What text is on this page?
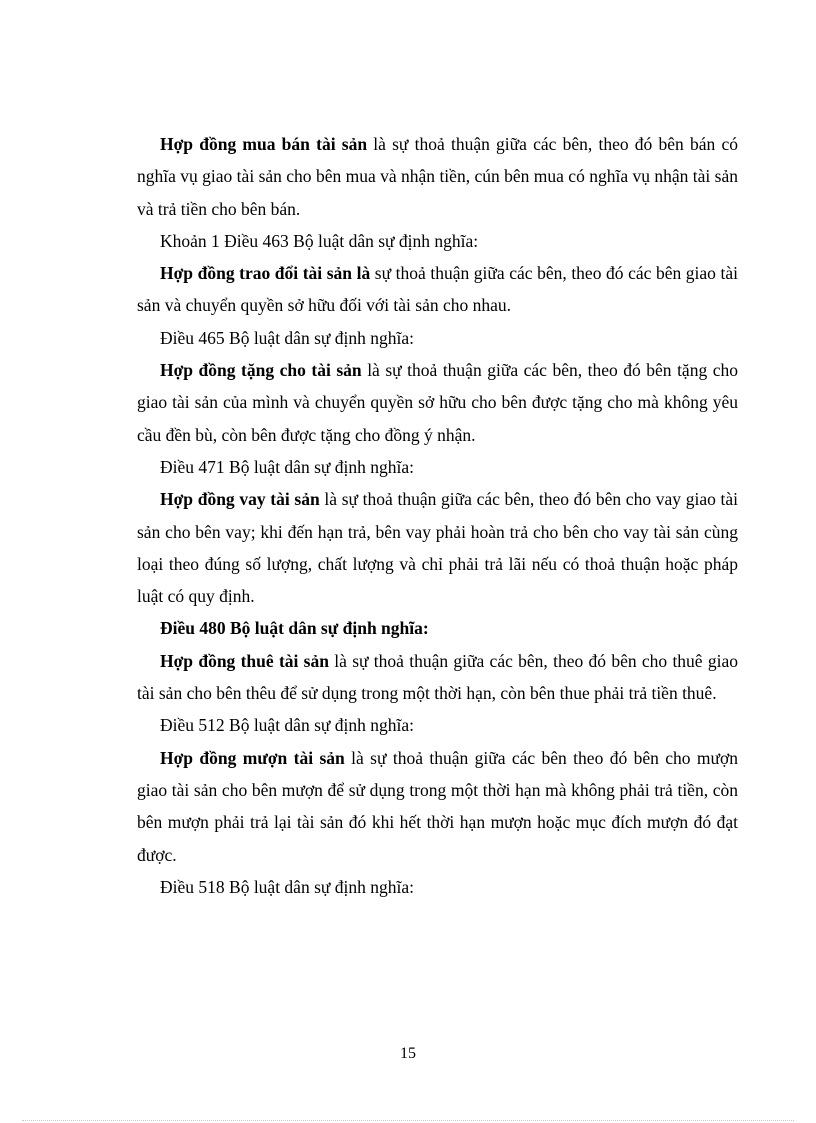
Hợp đồng mua bán tài sản là sự thoả thuận giữa các bên, theo đó bên bán có nghĩa vụ giao tài sản cho bên mua và nhận tiền, cún bên mua có nghĩa vụ nhận tài sản và trả tiền cho bên bán.

Khoản 1 Điều 463 Bộ luật dân sự định nghĩa:

Hợp đồng trao đổi tài sản là sự thoả thuận giữa các bên, theo đó các bên giao tài sản và chuyển quyền sở hữu đối với tài sản cho nhau.

Điều 465 Bộ luật dân sự định nghĩa:

Hợp đồng tặng cho tài sản là sự thoả thuận giữa các bên, theo đó bên tặng cho giao tài sản của mình và chuyển quyền sở hữu cho bên được tặng cho mà không yêu cầu đền bù, còn bên được tặng cho đồng ý nhận.

Điều 471 Bộ luật dân sự định nghĩa:

Hợp đồng vay tài sản là sự thoả thuận giữa các bên, theo đó bên cho vay giao tài sản cho bên vay; khi đến hạn trả, bên vay phải hoàn trả cho bên cho vay tài sản cùng loại theo đúng số lượng, chất lượng và chỉ phải trả lãi nếu có thoả thuận hoặc pháp luật có quy định.

Điều 480 Bộ luật dân sự định nghĩa:

Hợp đồng thuê tài sản là sự thoả thuận giữa các bên, theo đó bên cho thuê giao tài sản cho bên thêu để sử dụng trong một thời hạn, còn bên thue phải trả tiền thuê.

Điều 512 Bộ luật dân sự định nghĩa:

Hợp đồng mượn tài sản là sự thoả thuận giữa các bên theo đó bên cho mượn giao tài sản cho bên mượn để sử dụng trong một thời hạn mà không phải trả tiền, còn bên mượn phải trả lại tài sản đó khi hết thời hạn mượn hoặc mục đích mượn đó đạt được.

Điều 518 Bộ luật dân sự định nghĩa:

15
